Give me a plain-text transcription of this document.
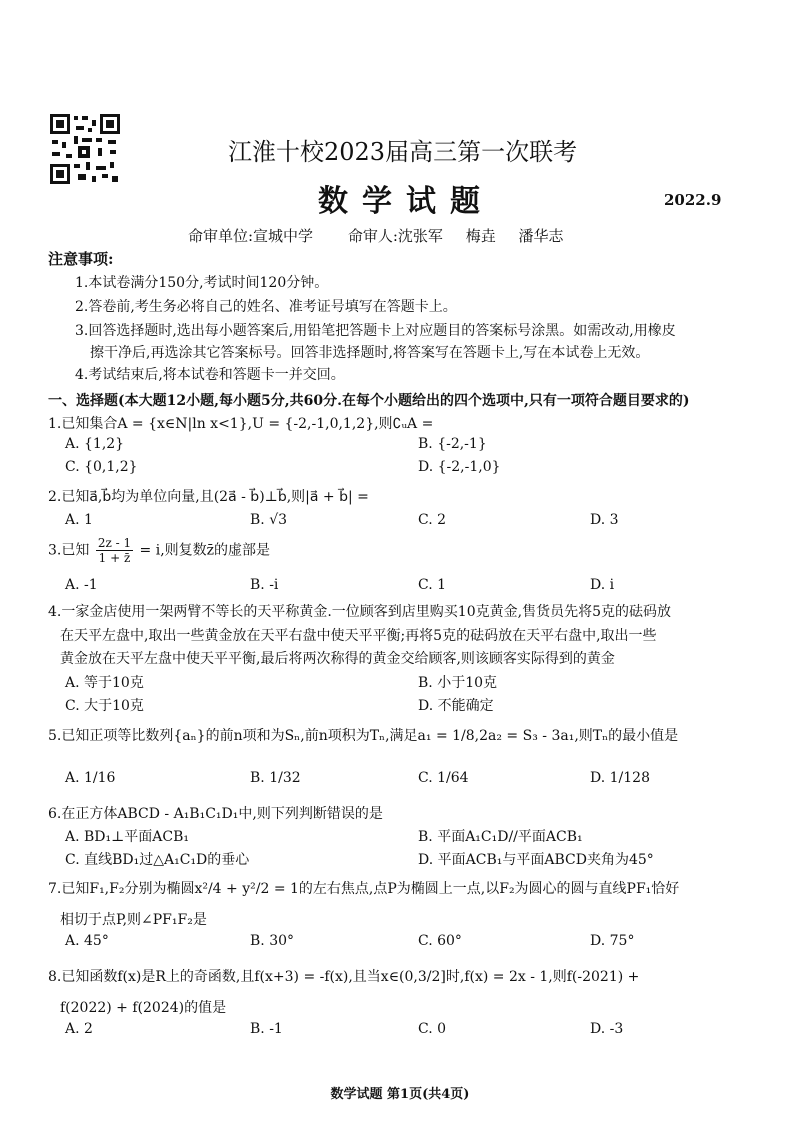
江淮十校2023届高三第一次联考
数学试题	2022.9
命审单位:宣城中学 命审人:沈张军 梅垚 潘华志
注意事项:
1.本试卷满分150分,考试时间120分钟。
2.答卷前,考生务必将自己的姓名、准考证号填写在答题卡上。
3.回答选择题时,选出每小题答案后,用铅笔把答题卡上对应题目的答案标号涂黑。如需改动,用橡皮
擦干净后,再选涂其它答案标号。回答非选择题时,将答案写在答题卡上,写在本试卷上无效。
4.考试结束后,将本试卷和答题卡一并交回。
一、选择题(本大题12小题,每小题5分,共60分.在每个小题给出的四个选项中,只有一项符合题目要求的)
1.已知集合A = {x∈N|ln x<1},U = {-2,-1,0,1,2},则∁ᵤA =
A. {1,2}	B. {-2,-1}
C. {0,1,2}	D. {-2,-1,0}
2.已知a⃗,b⃗均为单位向量,且(2a⃗ - b⃗)⊥b⃗,则|a⃗ + b⃗| =
A. 1	B. √3	C. 2	D. 3
3.已知 $\frac{2z - 1}{1 + z̄} = i$,则复数z̄的虚部是
A. -1	B. -i	C. 1	D. i
4.一家金店使用一架两臂不等长的天平称黄金.一位顾客到店里购买10克黄金,售货员先将5克的砝码放
在天平左盘中,取出一些黄金放在天平右盘中使天平平衡;再将5克的砝码放在天平右盘中,取出一些
黄金放在天平左盘中使天平平衡,最后将两次称得的黄金交给顾客,则该顾客实际得到的黄金
A. 等于10克	B. 小于10克
C. 大于10克	D. 不能确定
5.已知正项等比数列{aₙ}的前n项和为Sₙ,前n项积为Tₙ,满足a₁ = 1/8,2a₂ = S₃ - 3a₁,则Tₙ的最小值是
A. 1/16	B. 1/32	C. 1/64	D. 1/128
6.在正方体ABCD - A₁B₁C₁D₁中,则下列判断错误的是
A. BD₁⊥平面ACB₁	B. 平面A₁C₁D//平面ACB₁
C. 直线BD₁过△A₁C₁D的垂心	D. 平面ACB₁与平面ABCD夹角为45°
7.已知F₁,F₂分别为椭圆x²/4 + y²/2 = 1的左右焦点,点P为椭圆上一点,以F₂为圆心的圆与直线PF₁恰好
相切于点P,则∠PF₁F₂是
A. 45°	B. 30°	C. 60°	D. 75°
8.已知函数f(x)是R上的奇函数,且f(x+3) = -f(x),且当x∈(0,3/2]时,f(x) = 2x - 1,则f(-2021) +
f(2022) + f(2024)的值是
A. 2	B. -1	C. 0	D. -3
数学试题 第1页(共4页)
